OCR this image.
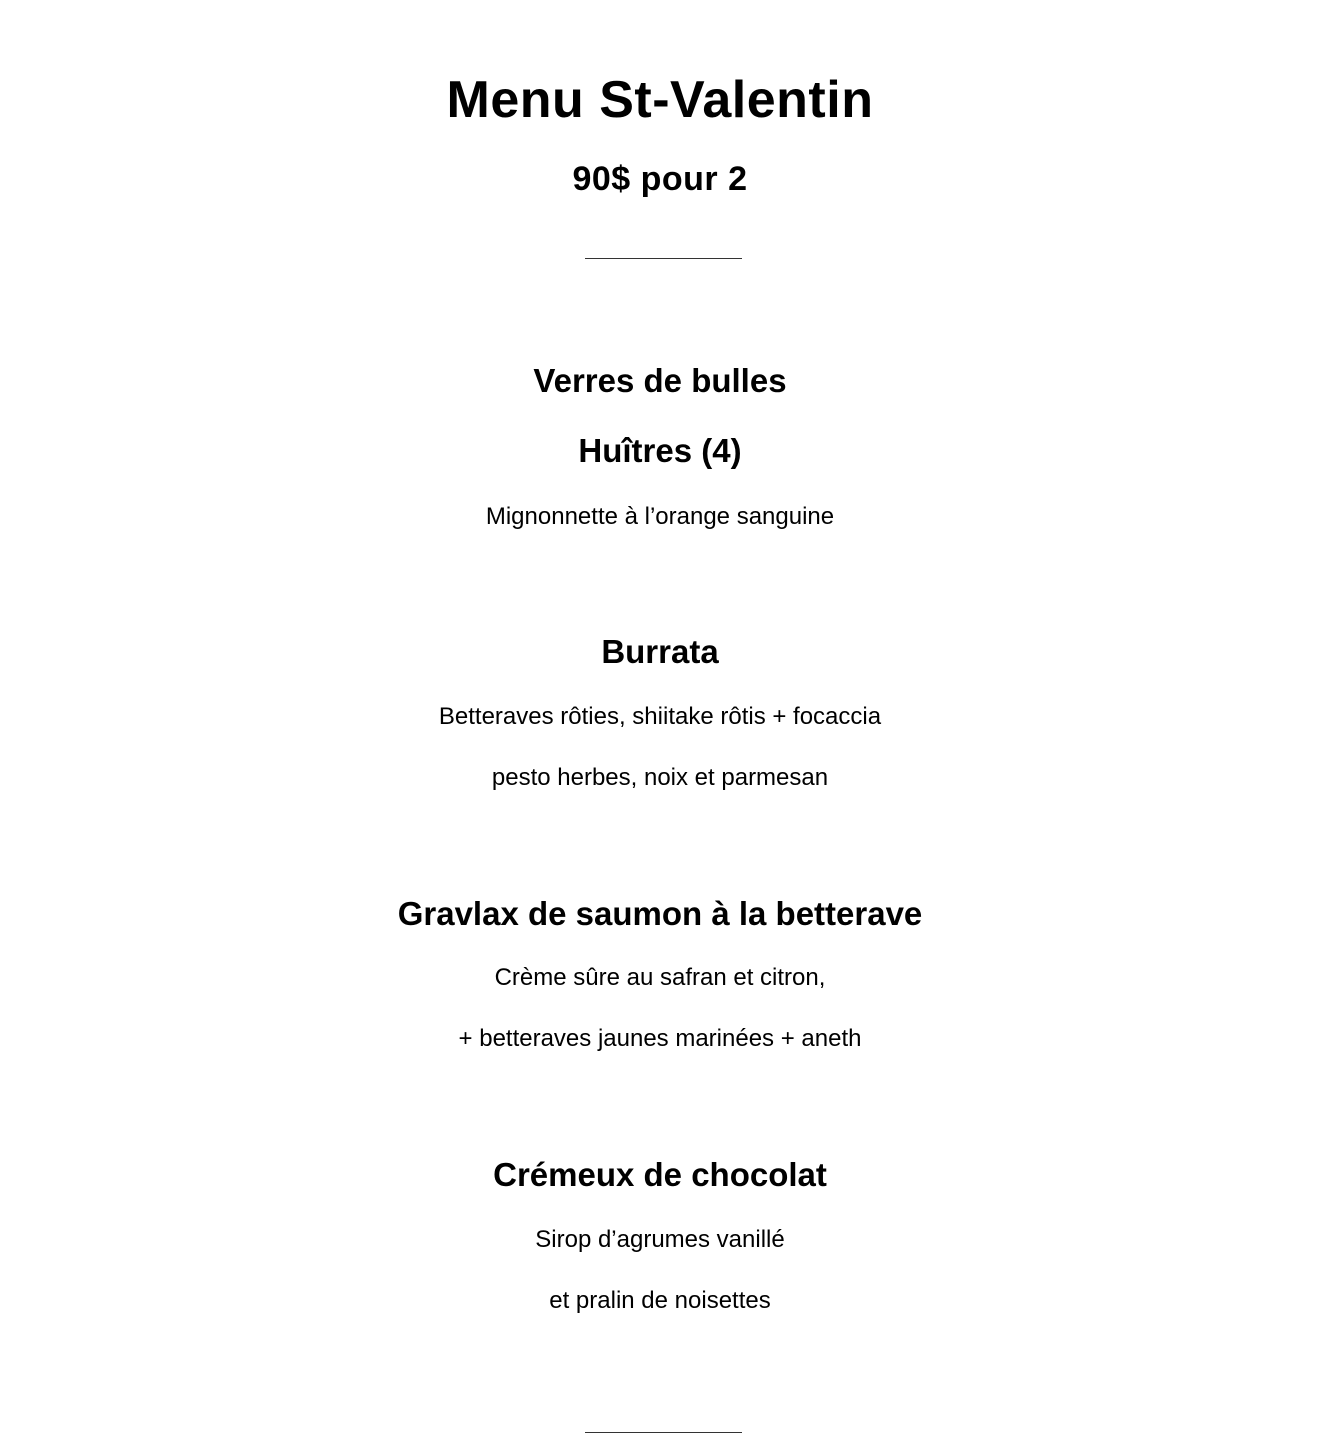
Menu St-Valentin
90$ pour 2
Verres de bulles
Huîtres (4)
Mignonnette à l’orange sanguine
Burrata
Betteraves rôties, shiitake rôtis + focaccia
pesto herbes, noix et parmesan
Gravlax de saumon à la betterave
Crème sûre au safran et citron,
+ betteraves jaunes marinées + aneth
Crémeux de chocolat
Sirop d’agrumes vanillé
et pralin de noisettes
